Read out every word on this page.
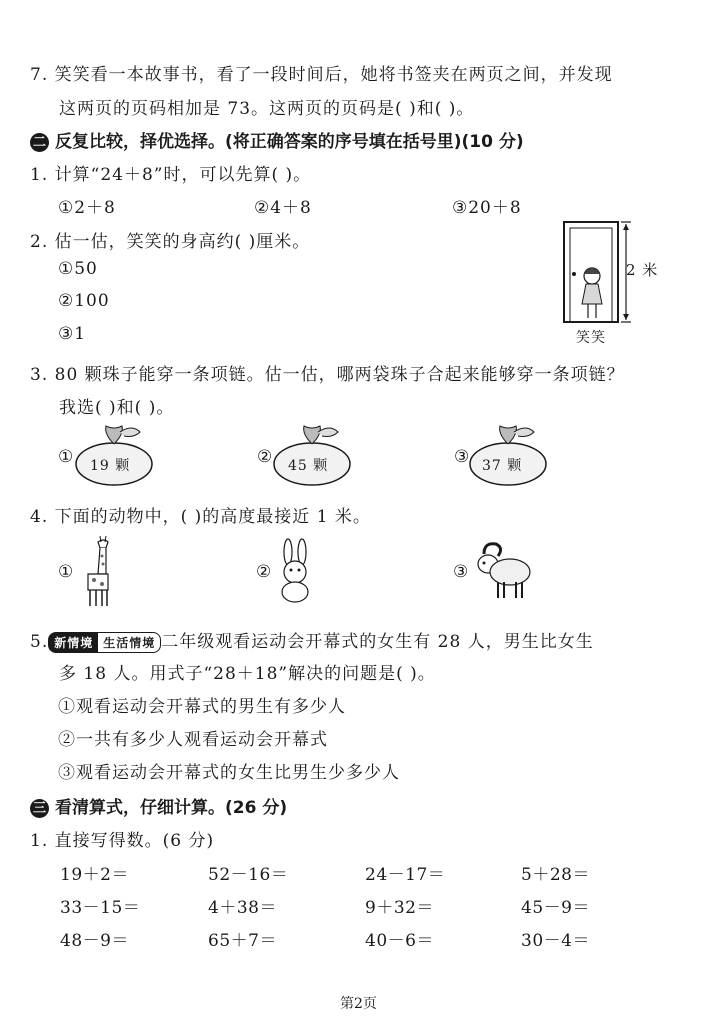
7. 笑笑看一本故事书，看了一段时间后，她将书签夹在两页之间，并发现
这两页的页码相加是 73。这两页的页码是( )和( )。
二 反复比较，择优选择。(将正确答案的序号填在括号里)(10 分)
1. 计算“24＋8”时，可以先算( )。
①2＋8	②4＋8	③20＋8
2. 估一估，笑笑的身高约( )厘米。
①50
②100
③1
2 米
笑笑
3. 80 颗珠子能穿一条项链。估一估，哪两袋珠子合起来能够穿一条项链？
我选( )和( )。
① 19 颗	② 45 颗	③ 37 颗
4. 下面的动物中，( )的高度最接近 1 米。
①	②	③
5. 新情境 生活情境 二年级观看运动会开幕式的女生有 28 人，男生比女生
多 18 人。用式子“28＋18”解决的问题是( )。
①观看运动会开幕式的男生有多少人
②一共有多少人观看运动会开幕式
③观看运动会开幕式的女生比男生少多少人
三 看清算式，仔细计算。(26 分)
1. 直接写得数。(6 分)
19＋2＝	52－16＝	24－17＝	5＋28＝
33－15＝	4＋38＝	9＋32＝	45－9＝
48－9＝	65＋7＝	40－6＝	30－4＝
第2页
